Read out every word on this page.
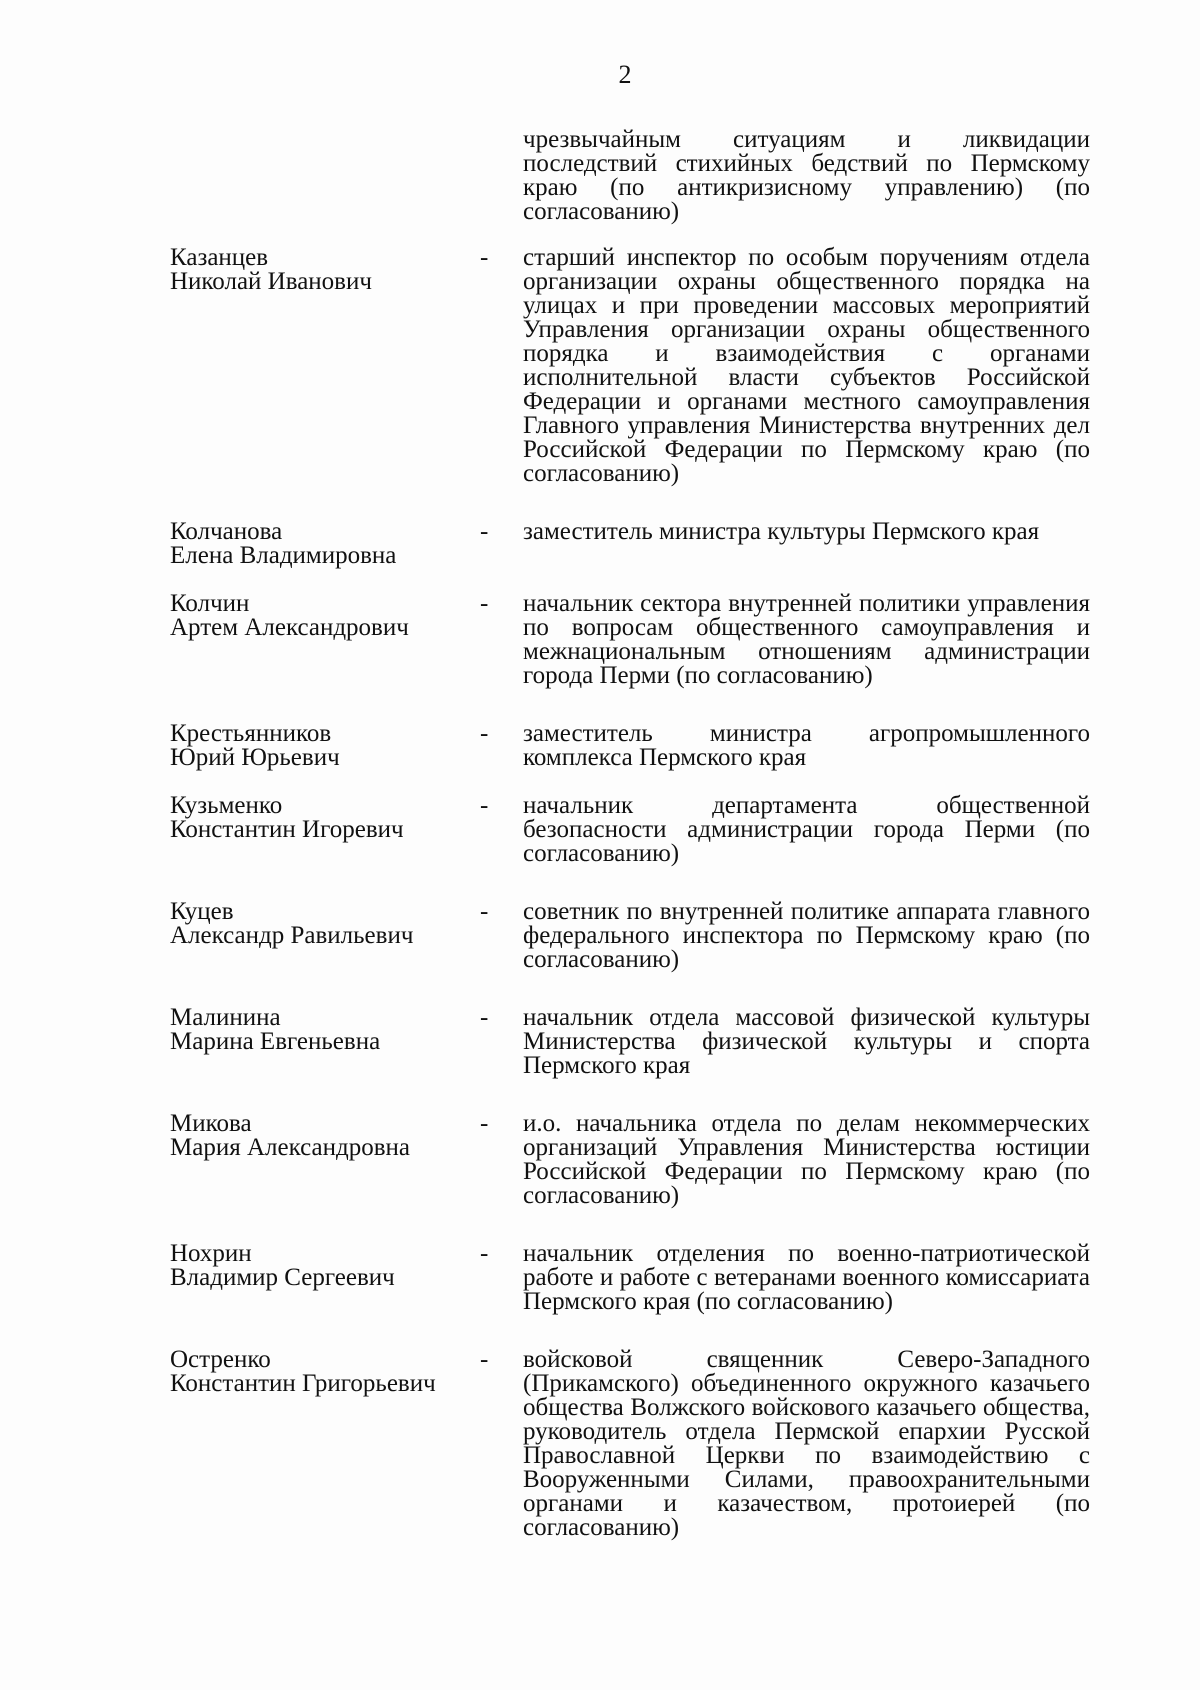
2
чрезвычайным ситуациям и ликвидации последствий стихийных бедствий по Пермскому краю (по антикризисному управлению) (по согласованию)
Казанцев
Николай Иванович
-	старший инспектор по особым поручениям отдела организации охраны общественного порядка на улицах и при проведении массовых мероприятий Управления организации охраны общественного порядка и взаимодействия с органами исполнительной власти субъектов Российской Федерации и органами местного самоуправления Главного управления Министерства внутренних дел Российской Федерации по Пермскому краю (по согласованию)
Колчанова
Елена Владимировна
-	заместитель министра культуры Пермского края
Колчин
Артем Александрович
-	начальник сектора внутренней политики управления по вопросам общественного самоуправления и межнациональным отношениям администрации города Перми (по согласованию)
Крестьянников
Юрий Юрьевич
-	заместитель министра агропромышленного комплекса Пермского края
Кузьменко
Константин Игоревич
-	начальник департамента общественной безопасности администрации города Перми (по согласованию)
Куцев
Александр Равильевич
-	советник по внутренней политике аппарата главного федерального инспектора по Пермскому краю (по согласованию)
Малинина
Марина Евгеньевна
-	начальник отдела массовой физической культуры Министерства физической культуры и спорта Пермского края
Микова
Мария Александровна
-	и.о. начальника отдела по делам некоммерческих организаций Управления Министерства юстиции Российской Федерации по Пермскому краю (по согласованию)
Нохрин
Владимир Сергеевич
-	начальник отделения по военно-патриотической работе и работе с ветеранами военного комиссариата Пермского края (по согласованию)
Остренко
Константин Григорьевич
-	войсковой священник Северо-Западного (Прикамского) объединенного окружного казачьего общества Волжского войскового казачьего общества, руководитель отдела Пермской епархии Русской Православной Церкви по взаимодействию с Вооруженными Силами, правоохранительными органами и казачеством, протоиерей (по согласованию)
